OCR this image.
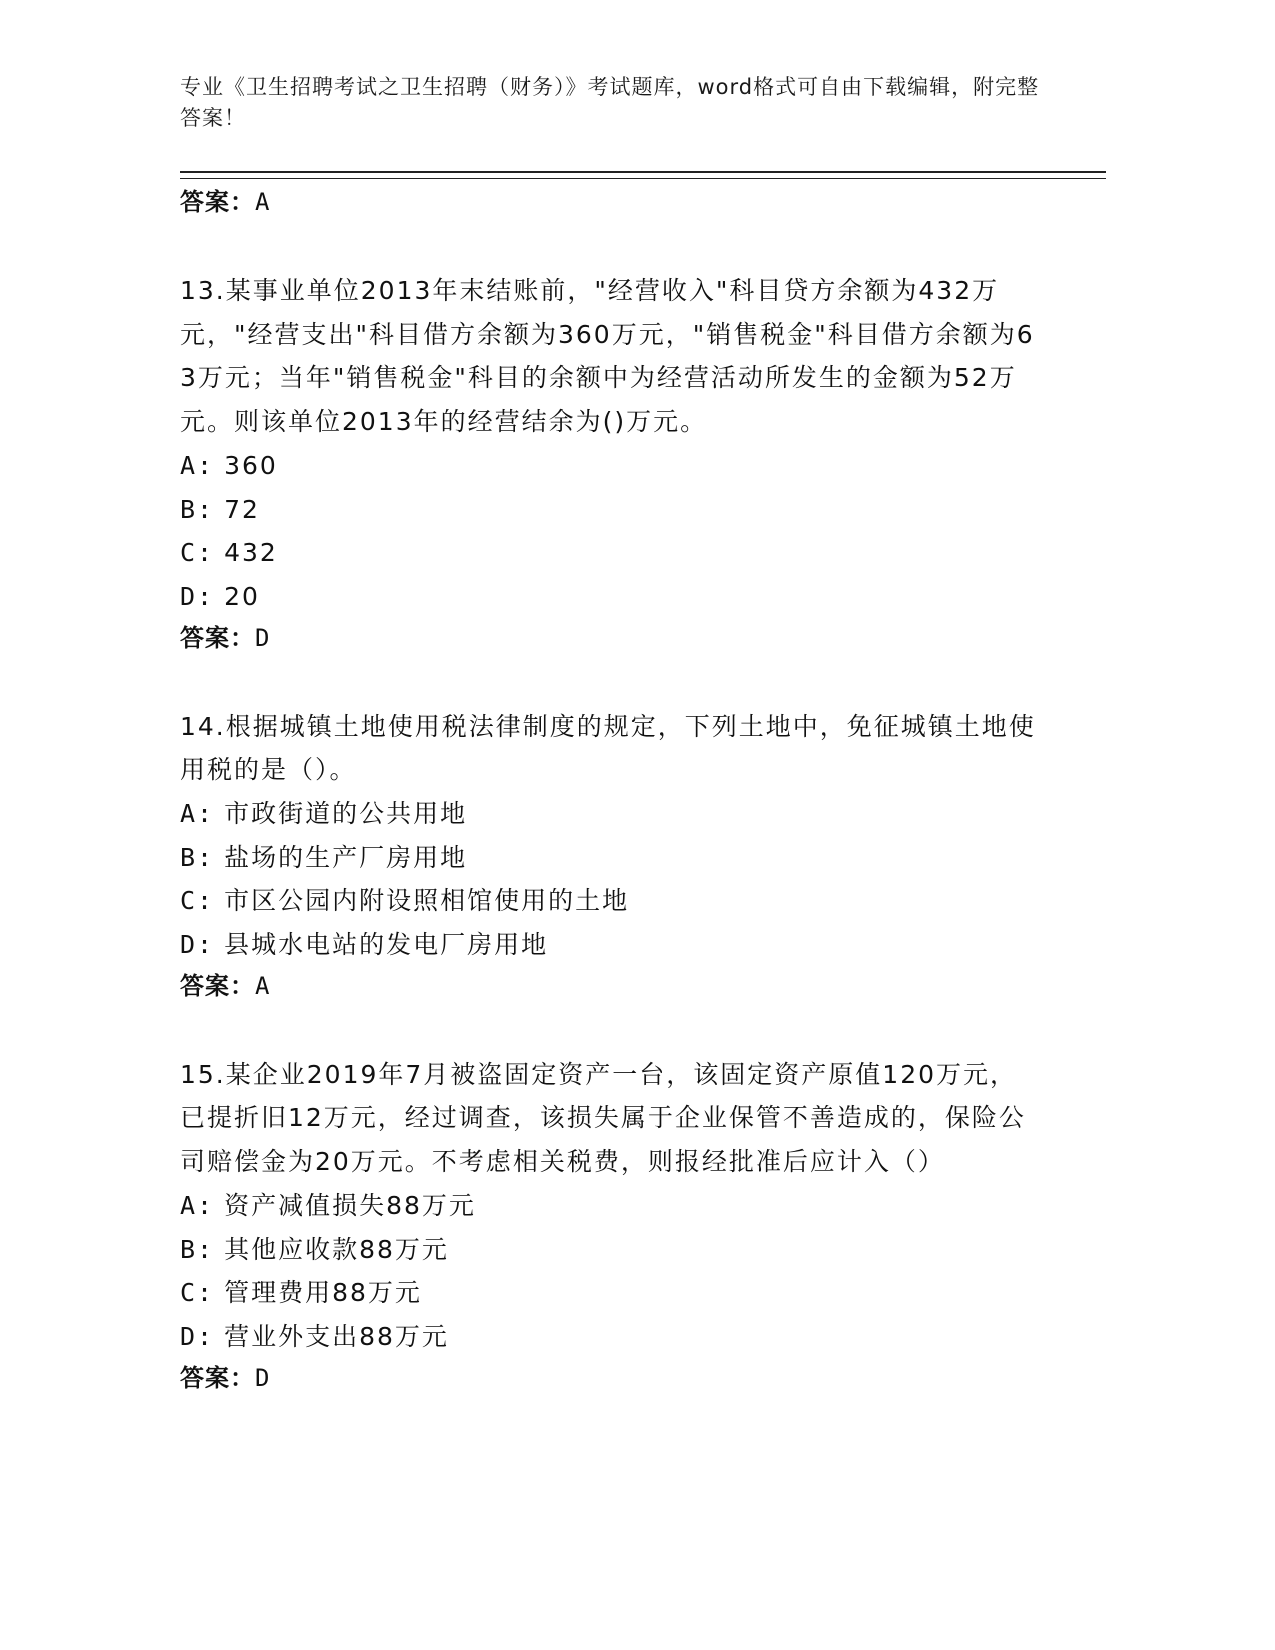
专业《卫生招聘考试之卫生招聘（财务）》考试题库，word格式可自由下载编辑，附完整答案！
答案：A
13.某事业单位2013年末结账前，"经营收入"科目贷方余额为432万元，"经营支出"科目借方余额为360万元，"销售税金"科目借方余额为63万元；当年"销售税金"科目的余额中为经营活动所发生的金额为52万元。则该单位2013年的经营结余为()万元。
A: 360
B: 72
C: 432
D: 20
答案：D
14.根据城镇土地使用税法律制度的规定，下列土地中，免征城镇土地使用税的是（）。
A: 市政街道的公共用地
B: 盐场的生产厂房用地
C: 市区公园内附设照相馆使用的土地
D: 县城水电站的发电厂房用地
答案：A
15.某企业2019年7月被盗固定资产一台，该固定资产原值120万元，已提折旧12万元，经过调查，该损失属于企业保管不善造成的，保险公司赔偿金为20万元。不考虑相关税费，则报经批准后应计入（）
A: 资产减值损失88万元
B: 其他应收款88万元
C: 管理费用88万元
D: 营业外支出88万元
答案：D
